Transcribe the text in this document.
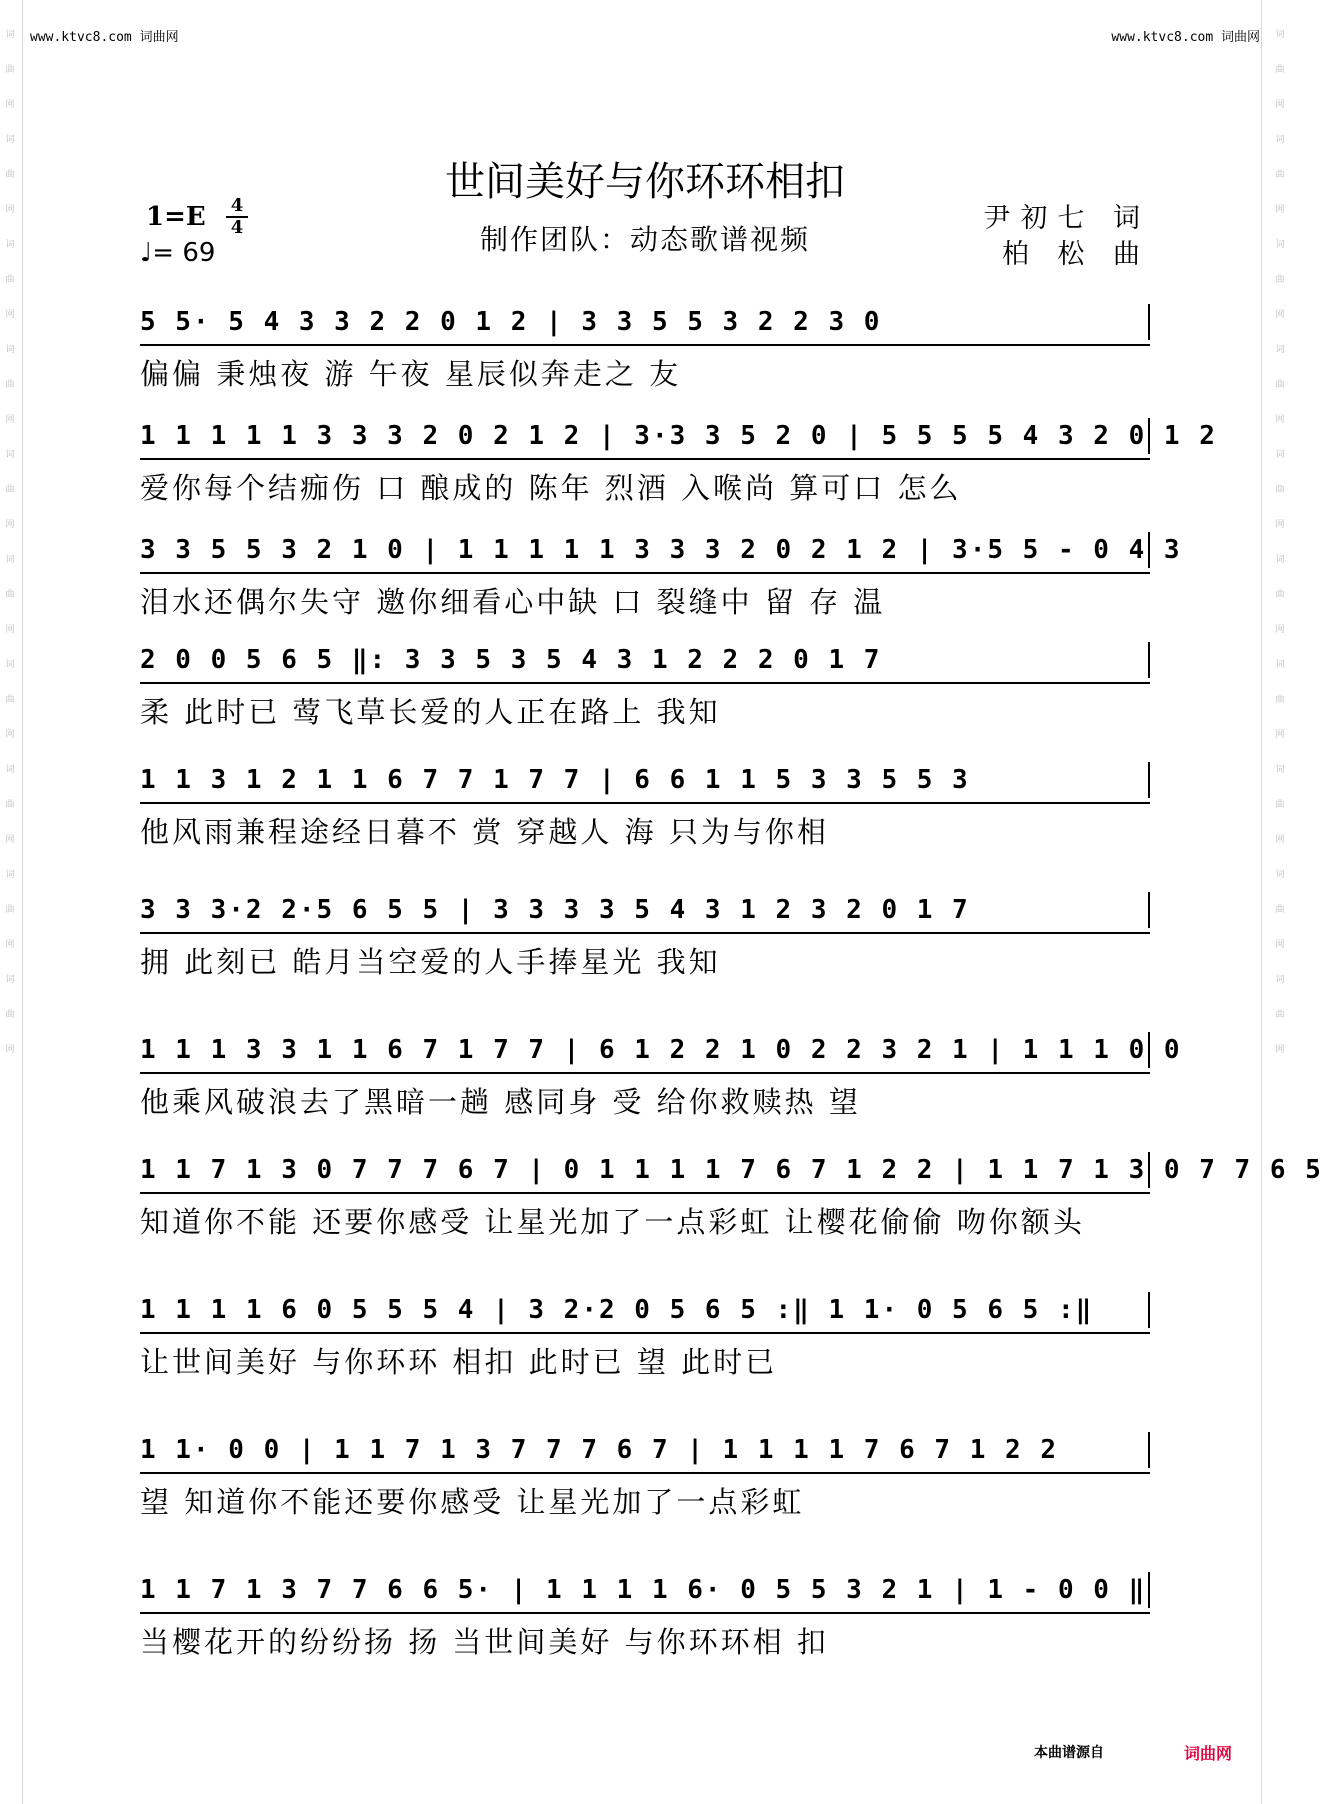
词
曲
网
词
曲
网
词
曲
网
词
曲
网
词
曲
网
词
曲
网
词
曲
网
词
曲
网
词
曲
网
词
曲
网
词
曲
网
词
曲
网
词
曲
网
词
曲
网
词
曲
网
词
曲
网
词
曲
网
词
曲
网
词
曲
网
词
曲
网
www.ktvc8.com 词曲网	www.ktvc8.com 词曲网
世间美好与你环环相扣
制作团队：动态歌谱视频
1=E 4
4
♩= 69
尹初七 词
柏 松 曲
5 5· 5 4 3 3 2 2 0 1 2 | 3 3 5 5 3 2 2 3 0
偏偏 秉烛夜 游 午夜 星辰似奔走之 友
1 1 1 1 1 3 3 3 2 0 2 1 2 | 3·3 3 5 2 0 | 5 5 5 5 4 3 2 0 1 2
爱你每个结痂伤 口 酿成的 陈年 烈酒 入喉尚 算可口 怎么
3 3 5 5 3 2 1 0 | 1 1 1 1 1 3 3 3 2 0 2 1 2 | 3·5 5 - 0 4 3
泪水还偶尔失守 邀你细看心中缺 口 裂缝中 留 存 温
2 0 0 5 6 5 ‖: 3 3 5 3 5 4 3 1 2 2 2 0 1 7
柔 此时已 莺飞草长爱的人正在路上 我知
1 1 3 1 2 1 1 6 7 7 1 7 7 | 6 6 1 1 5 3 3 5 5 3
他风雨兼程途经日暮不 赏 穿越人 海 只为与你相
3 3 3·2 2·5 6 5 5 | 3 3 3 3 5 4 3 1 2 3 2 0 1 7
拥 此刻已 皓月当空爱的人手捧星光 我知
1 1 1 3 3 1 1 6 7 1 7 7 | 6 1 2 2 1 0 2 2 3 2 1 | 1 1 1 0 0
他乘风破浪去了黑暗一趟 感同身 受 给你救赎热 望
1 1 7 1 3 0 7 7 7 6 7 | 0 1 1 1 1 7 6 7 1 2 2 | 1 1 7 1 3 0 7 7 6 5
知道你不能 还要你感受 让星光加了一点彩虹 让樱花偷偷 吻你额头
1 1 1 1 6 0 5 5 5 4 | 3 2·2 0 5 6 5 :‖ 1 1· 0 5 6 5 :‖
让世间美好 与你环环 相扣 此时已 望 此时已
1 1· 0 0 | 1 1 7 1 3 7 7 7 6 7 | 1 1 1 1 7 6 7 1 2 2
望 知道你不能还要你感受 让星光加了一点彩虹
1 1 7 1 3 7 7 6 6 5· | 1 1 1 1 6· 0 5 5 3 2 1 | 1 - 0 0 ‖
当樱花开的纷纷扬 扬 当世间美好 与你环环相 扣
本曲谱源自	词曲网
